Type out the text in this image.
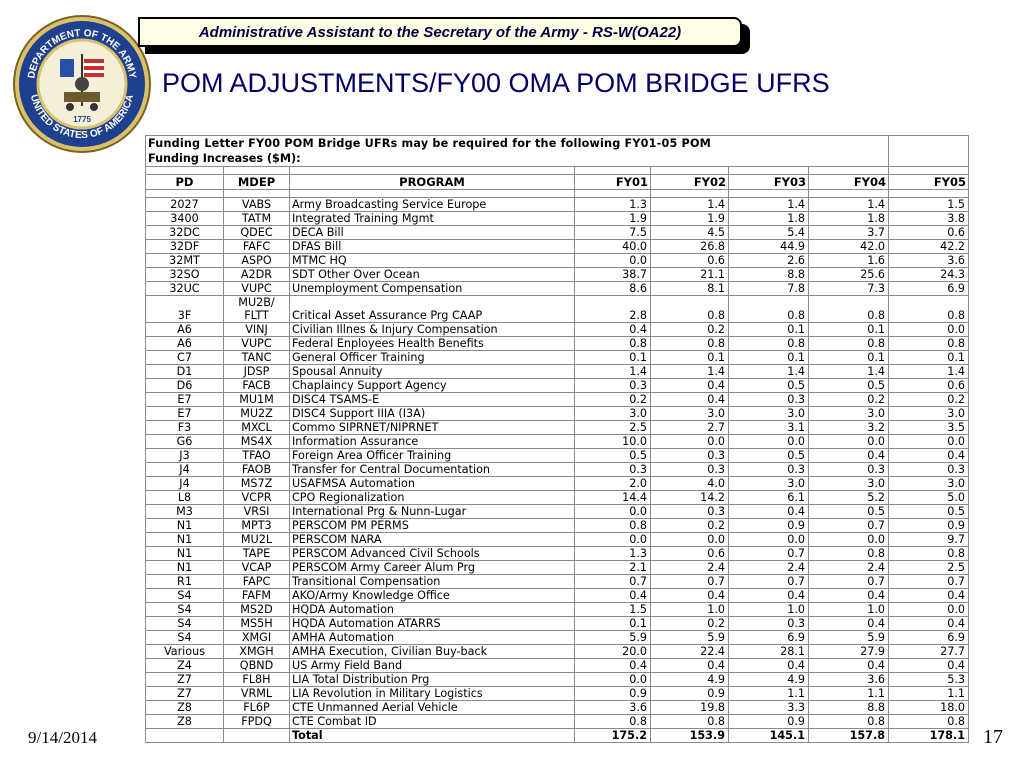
DEPARTMENT OF THE ARMY
UNITED STATES OF AMERICA
1775
Administrative Assistant to the Secretary of the Army - RS-W(OA22)
POM ADJUSTMENTS/FY00 OMA POM BRIDGE UFRS
Funding Letter FY00 POM Bridge UFRs may be required for the following FY01-05 POM							
Funding Increases ($M):							

PD	MDEP	PROGRAM	FY01	FY02	FY03	FY04	FY05

2027	VABS	Army Broadcasting Service Europe	1.3	1.4	1.4	1.4	1.5
3400	TATM	Integrated Training Mgmt	1.9	1.9	1.8	1.8	3.8
32DC	QDEC	DECA Bill	7.5	4.5	5.4	3.7	0.6
32DF	FAFC	DFAS Bill	40.0	26.8	44.9	42.0	42.2
32MT	ASPO	MTMC HQ	0.0	0.6	2.6	1.6	3.6
32SO	A2DR	SDT Other Over Ocean	38.7	21.1	8.8	25.6	24.3
32UC	VUPC	Unemployment Compensation	8.6	8.1	7.8	7.3	6.9
3F	MU2B/ FLTT	Critical Asset Assurance Prg CAAP	2.8	0.8	0.8	0.8	0.8
A6	VINJ	Civilian Illnes & Injury Compensation	0.4	0.2	0.1	0.1	0.0
A6	VUPC	Federal Enployees Health Benefits	0.8	0.8	0.8	0.8	0.8
C7	TANC	General Officer Training	0.1	0.1	0.1	0.1	0.1
D1	JDSP	Spousal Annuity	1.4	1.4	1.4	1.4	1.4
D6	FACB	Chaplaincy Support Agency	0.3	0.4	0.5	0.5	0.6
E7	MU1M	DISC4 TSAMS-E	0.2	0.4	0.3	0.2	0.2
E7	MU2Z	DISC4 Support IIIA (I3A)	3.0	3.0	3.0	3.0	3.0
F3	MXCL	Commo SIPRNET/NIPRNET	2.5	2.7	3.1	3.2	3.5
G6	MS4X	Information Assurance	10.0	0.0	0.0	0.0	0.0
J3	TFAO	Foreign Area Officer Training	0.5	0.3	0.5	0.4	0.4
J4	FAOB	Transfer for Central Documentation	0.3	0.3	0.3	0.3	0.3
J4	MS7Z	USAFMSA Automation	2.0	4.0	3.0	3.0	3.0
L8	VCPR	CPO Regionalization	14.4	14.2	6.1	5.2	5.0
M3	VRSI	International Prg & Nunn-Lugar	0.0	0.3	0.4	0.5	0.5
N1	MPT3	PERSCOM PM PERMS	0.8	0.2	0.9	0.7	0.9
N1	MU2L	PERSCOM NARA	0.0	0.0	0.0	0.0	9.7
N1	TAPE	PERSCOM Advanced Civil Schools	1.3	0.6	0.7	0.8	0.8
N1	VCAP	PERSCOM Army Career Alum Prg	2.1	2.4	2.4	2.4	2.5
R1	FAPC	Transitional Compensation	0.7	0.7	0.7	0.7	0.7
S4	FAFM	AKO/Army Knowledge Office	0.4	0.4	0.4	0.4	0.4
S4	MS2D	HQDA Automation	1.5	1.0	1.0	1.0	0.0
S4	MS5H	HQDA Automation ATARRS	0.1	0.2	0.3	0.4	0.4
S4	XMGI	AMHA Automation	5.9	5.9	6.9	5.9	6.9
Various	XMGH	AMHA Execution, Civilian Buy-back	20.0	22.4	28.1	27.9	27.7
Z4	QBND	US Army Field Band	0.4	0.4	0.4	0.4	0.4
Z7	FL8H	LIA Total Distribution Prg	0.0	4.9	4.9	3.6	5.3
Z7	VRML	LIA Revolution in Military Logistics	0.9	0.9	1.1	1.1	1.1
Z8	FL6P	CTE Unmanned Aerial Vehicle	3.6	19.8	3.3	8.8	18.0
Z8	FPDQ	CTE Combat ID	0.8	0.8	0.9	0.8	0.8
		Total	175.2	153.9	145.1	157.8	178.1
9/14/2014	17
